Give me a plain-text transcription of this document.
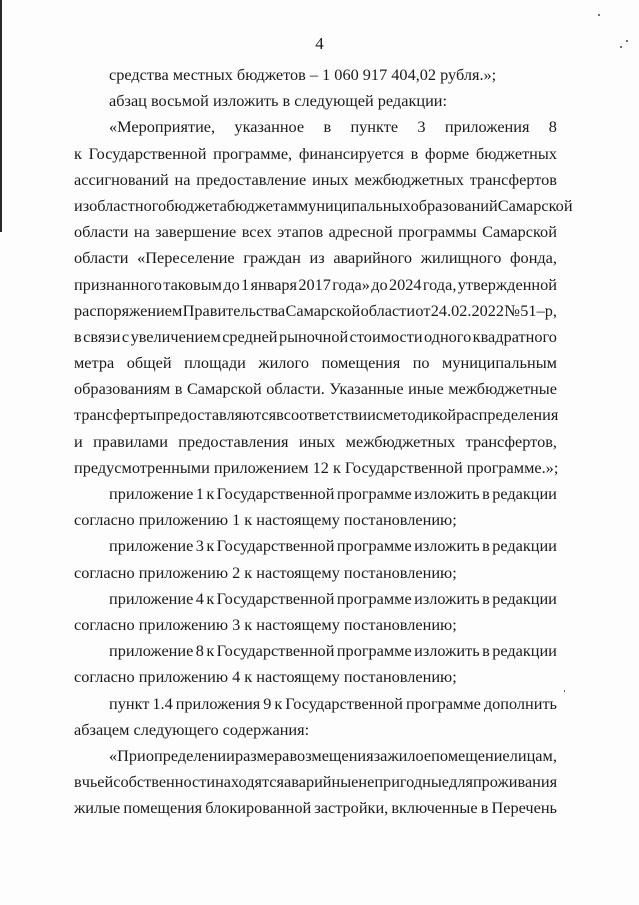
4
средства местных бюджетов – 1 060 917 404,02 рубля.»;
абзац восьмой изложить в следующей редакции:
«Мероприятие, указанное в пункте 3 приложения 8
к Государственной программе, финансируется в форме бюджетных
ассигнований на предоставление иных межбюджетных трансфертов
из областного бюджета бюджетам муниципальных образований Самарской
области на завершение всех этапов адресной программы Самарской
области «Переселение граждан из аварийного жилищного фонда,
признанного таковым до 1 января 2017 года» до 2024 года, утвержденной
распоряжением Правительства Самарской области от 24.02.2022 № 51–р,
в связи с увеличением средней рыночной стоимости одного квадратного
метра общей площади жилого помещения по муниципальным
образованиям в Самарской области. Указанные иные межбюджетные
трансферты предоставляются в соответствии с методикой распределения
и правилами предоставления иных межбюджетных трансфертов,
предусмотренными приложением 12 к Государственной программе.»;
приложение 1 к Государственной программе изложить в редакции
согласно приложению 1 к настоящему постановлению;
приложение 3 к Государственной программе изложить в редакции
согласно приложению 2 к настоящему постановлению;
приложение 4 к Государственной программе изложить в редакции
согласно приложению 3 к настоящему постановлению;
приложение 8 к Государственной программе изложить в редакции
согласно приложению 4 к настоящему постановлению;
пункт 1.4 приложения 9 к Государственной программе дополнить
абзацем следующего содержания:
«При определении размера возмещения за жилое помещение лицам,
в чьей собственности находятся аварийные непригодные для проживания
жилые помещения блокированной застройки, включенные в Перечень
